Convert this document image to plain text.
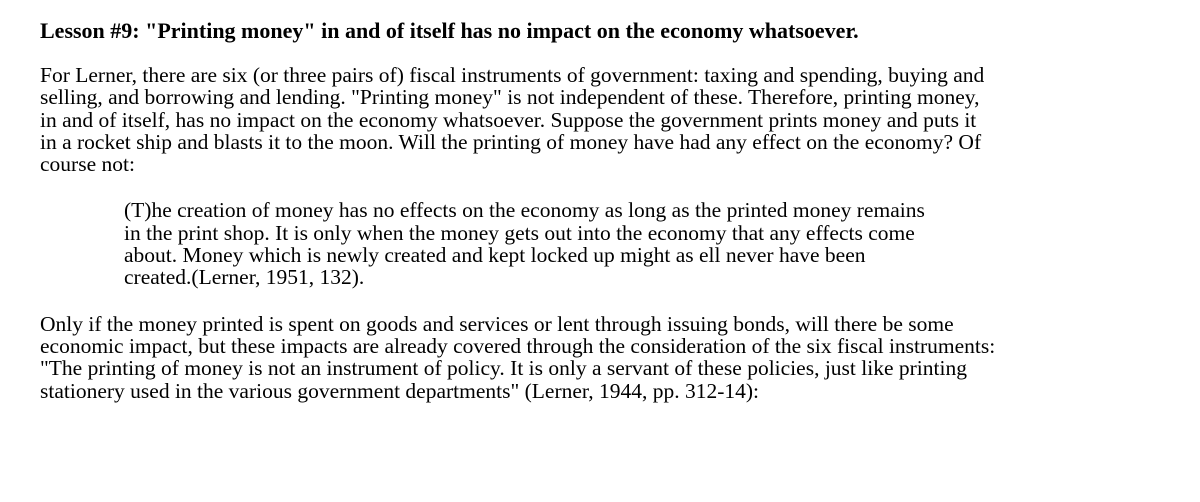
Lesson #9: "Printing money" in and of itself has no impact on the economy whatsoever.

For Lerner, there are six (or three pairs of) fiscal instruments of government: taxing and spending, buying and
selling, and borrowing and lending. "Printing money" is not independent of these. Therefore, printing money,
in and of itself, has no impact on the economy whatsoever. Suppose the government prints money and puts it
in a rocket ship and blasts it to the moon. Will the printing of money have had any effect on the economy? Of
course not:

(T)he creation of money has no effects on the economy as long as the printed money remains
in the print shop. It is only when the money gets out into the economy that any effects come
about. Money which is newly created and kept locked up might as ell never have been
created.(Lerner, 1951, 132).

Only if the money printed is spent on goods and services or lent through issuing bonds, will there be some
economic impact, but these impacts are already covered through the consideration of the six fiscal instruments:
"The printing of money is not an instrument of policy. It is only a servant of these policies, just like printing
stationery used in the various government departments" (Lerner, 1944, pp. 312-14):
